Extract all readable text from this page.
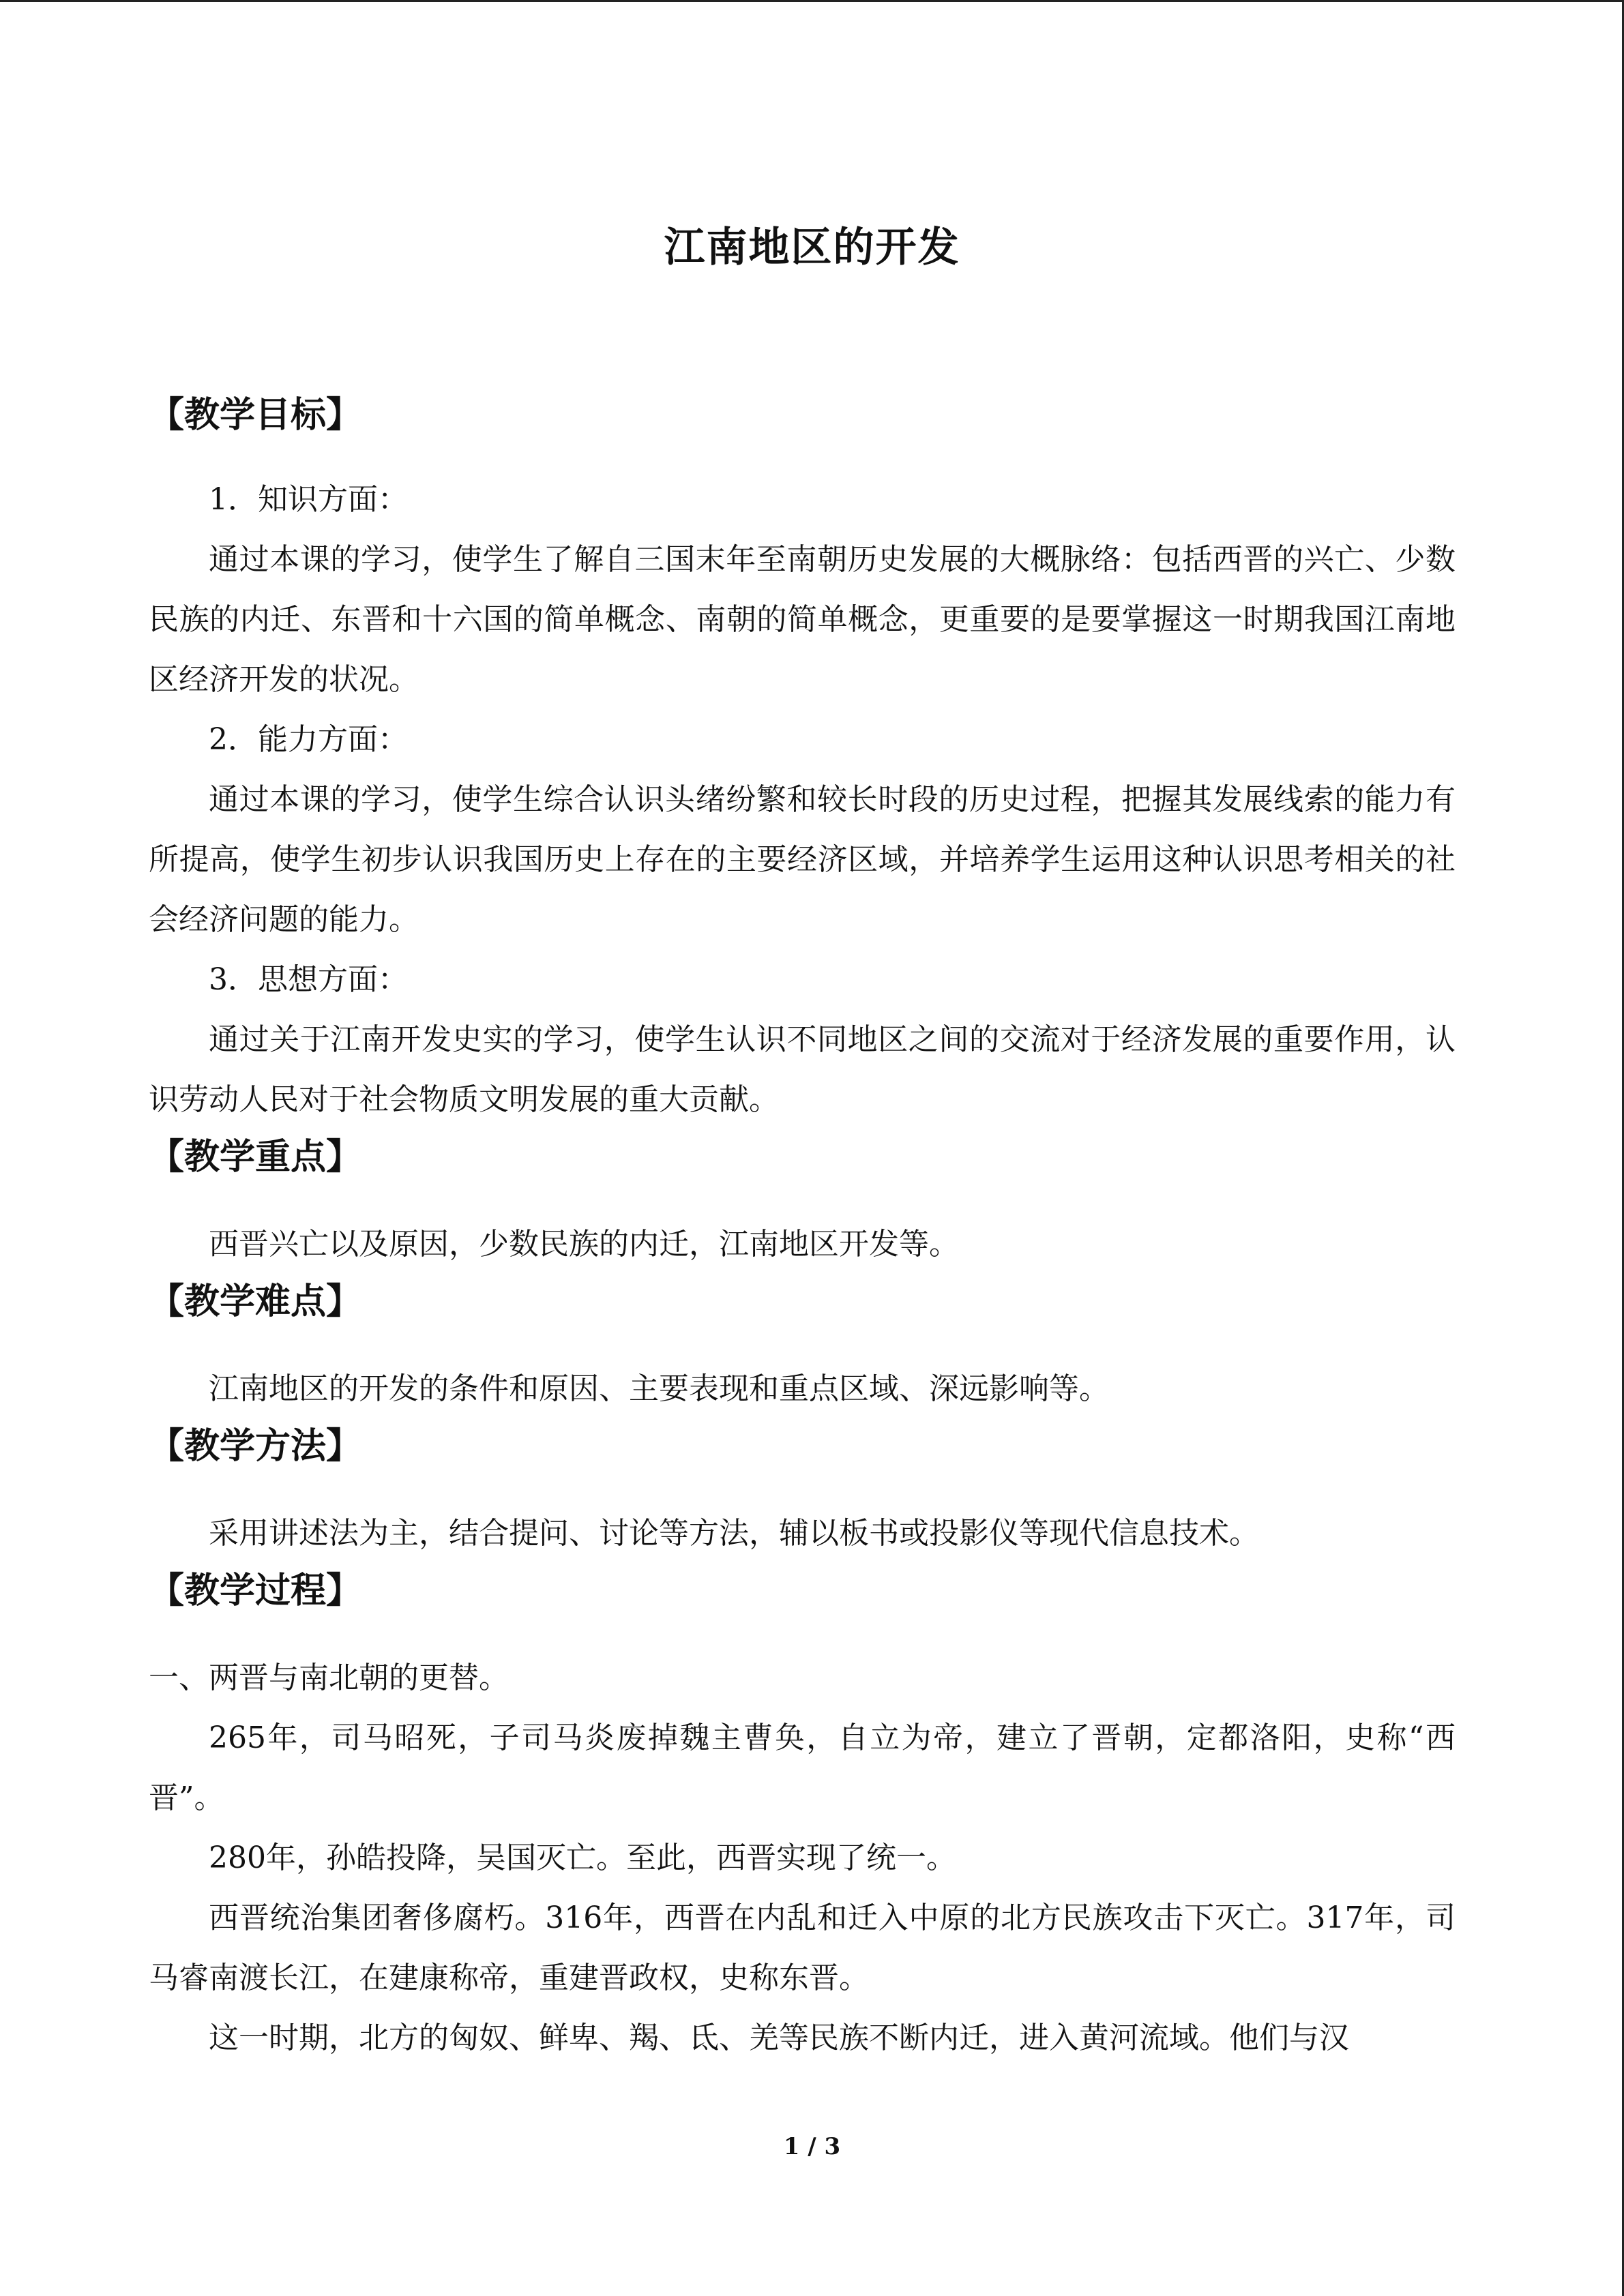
江南地区的开发
【教学目标】

1．知识方面：

通过本课的学习，使学生了解自三国末年至南朝历史发展的大概脉络：包括西晋的兴亡、少数民族的内迁、东晋和十六国的简单概念、南朝的简单概念，更重要的是要掌握这一时期我国江南地区经济开发的状况。

2．能力方面：

通过本课的学习，使学生综合认识头绪纷繁和较长时段的历史过程，把握其发展线索的能力有所提高，使学生初步认识我国历史上存在的主要经济区域，并培养学生运用这种认识思考相关的社会经济问题的能力。

3．思想方面：

通过关于江南开发史实的学习，使学生认识不同地区之间的交流对于经济发展的重要作用，认识劳动人民对于社会物质文明发展的重大贡献。

【教学重点】

西晋兴亡以及原因，少数民族的内迁，江南地区开发等。

【教学难点】

江南地区的开发的条件和原因、主要表现和重点区域、深远影响等。

【教学方法】

采用讲述法为主，结合提问、讨论等方法，辅以板书或投影仪等现代信息技术。

【教学过程】

一、两晋与南北朝的更替。

265年，司马昭死，子司马炎废掉魏主曹奂，自立为帝，建立了晋朝，定都洛阳，史称“西晋”。

280年，孙皓投降，吴国灭亡。至此，西晋实现了统一。

西晋统治集团奢侈腐朽。316年，西晋在内乱和迁入中原的北方民族攻击下灭亡。317年，司马睿南渡长江，在建康称帝，重建晋政权，史称东晋。

这一时期，北方的匈奴、鲜卑、羯、氐、羌等民族不断内迁，进入黄河流域。他们与汉

1 / 3
